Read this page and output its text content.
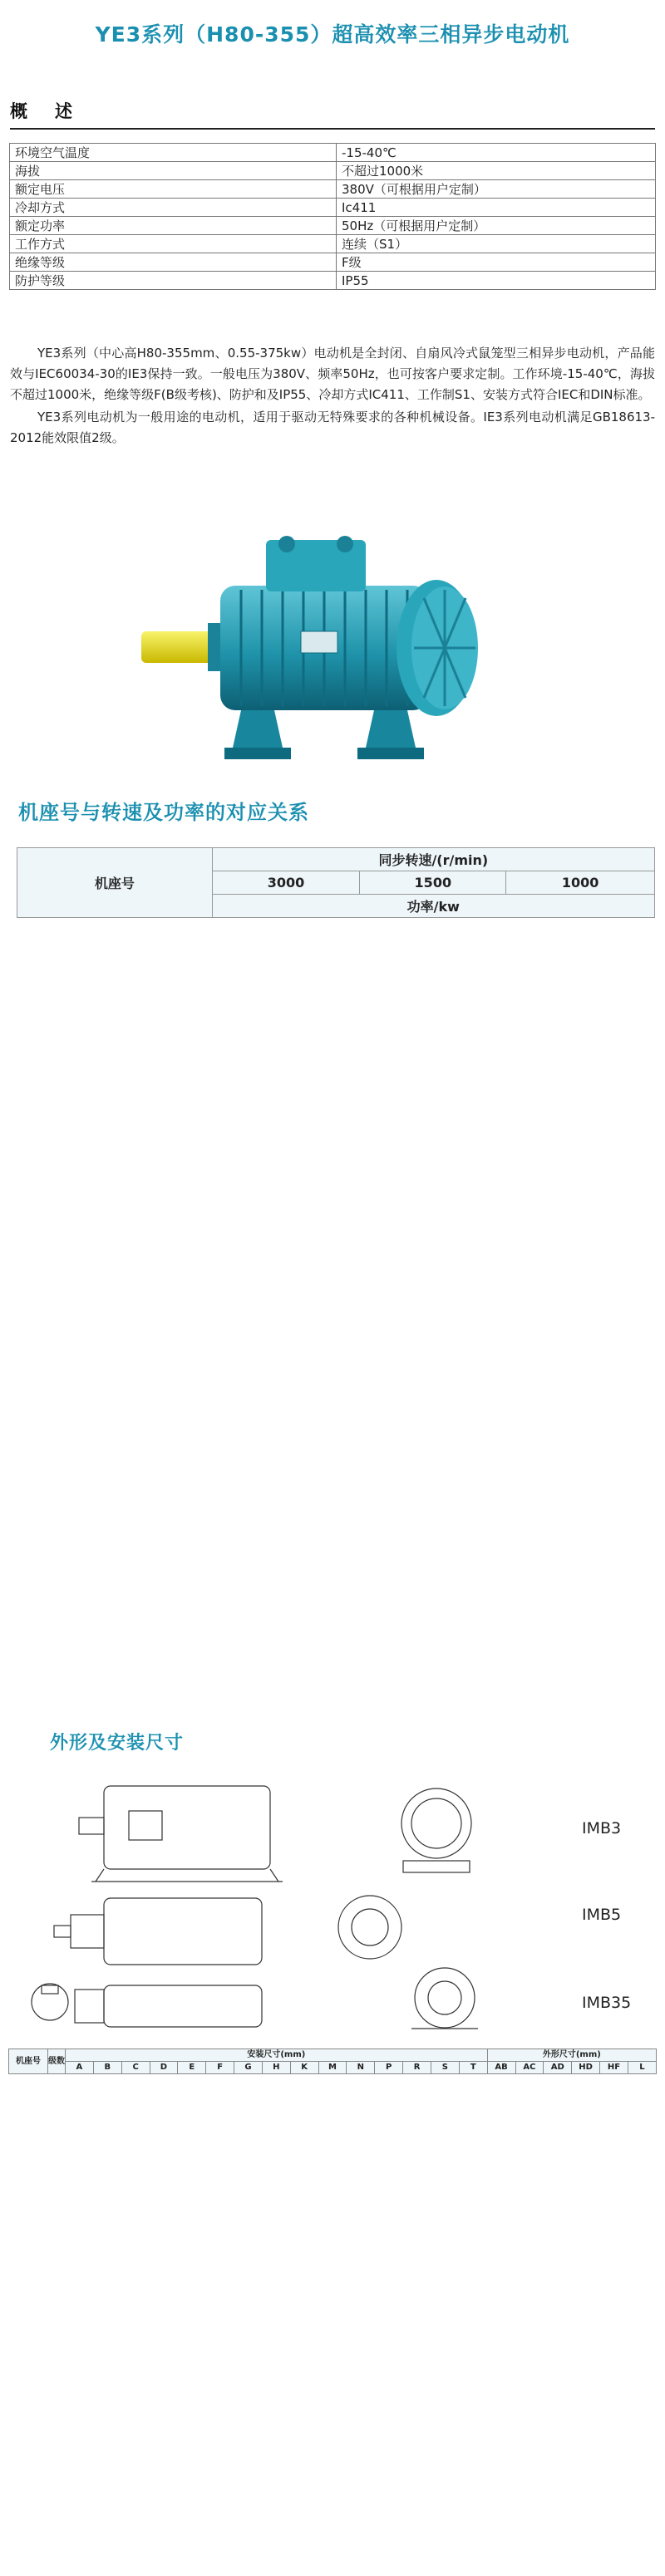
YE3系列（H80-355）超高效率三相异步电动机
概　述
环境空气温度	-15-40℃
海拔	不超过1000米
额定电压	380V（可根据用户定制）
冷却方式	Ic411
额定功率	50Hz（可根据用户定制）
工作方式	连续（S1）
绝缘等级	F级
防护等级	IP55
YE3系列（中心高H80-355mm、0.55-375kw）电动机是全封闭、自扇风冷式鼠笼型三相异步电动机，产品能效与IEC60034-30的IE3保持一致。一般电压为380V、频率50Hz，也可按客户要求定制。工作环境-15-40℃，海拔不超过1000米，绝缘等级F(B级考核)、防护和及IP55、冷却方式IC411、工作制S1、安装方式符合IEC和DIN标准。
YE3系列电动机为一般用途的电动机，适用于驱动无特殊要求的各种机械设备。IE3系列电动机满足GB18613-2012能效限值2级。
机座号与转速及功率的对应关系
机座号	同步转速/(r/min)		
	3000	1500	1000
	功率/kw		
外形及安装尺寸
IMB3
IMB5
IMB35
机座号	级数	安装尺寸(mm)															外形尺寸(mm)					
		A	B	C	D	E	F	G	H	K	M	N	P	R	S	T	AB	AC	AD	HD	HF	L
